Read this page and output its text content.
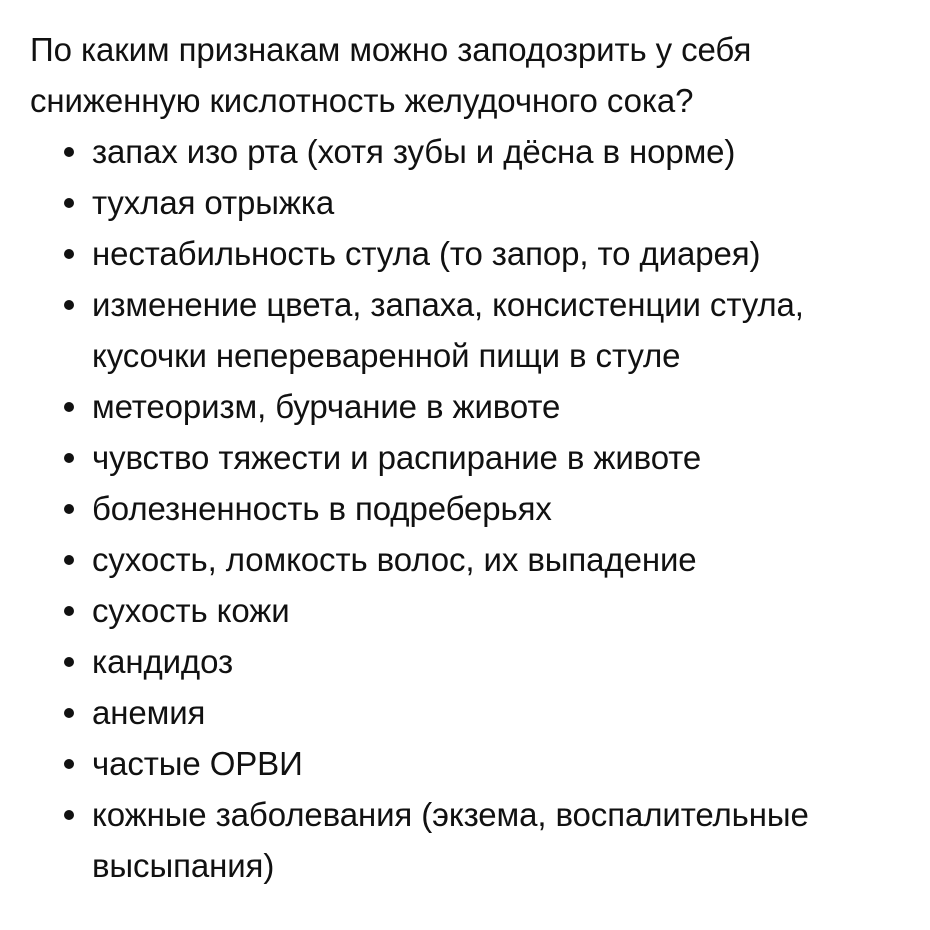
По каким признакам можно заподозрить у себя сниженную кислотность желудочного сока?

запах изо рта (хотя зубы и дёсна в норме)
тухлая отрыжка
нестабильность стула (то запор, то диарея)
изменение цвета, запаха, консистенции стула, кусочки непереваренной пищи в стуле
метеоризм, бурчание в животе
чувство тяжести и распирание в животе
болезненность в подреберьях
сухость, ломкость волос, их выпадение
сухость кожи
кандидоз
анемия
частые ОРВИ
кожные заболевания (экзема, воспалительные высыпания)
